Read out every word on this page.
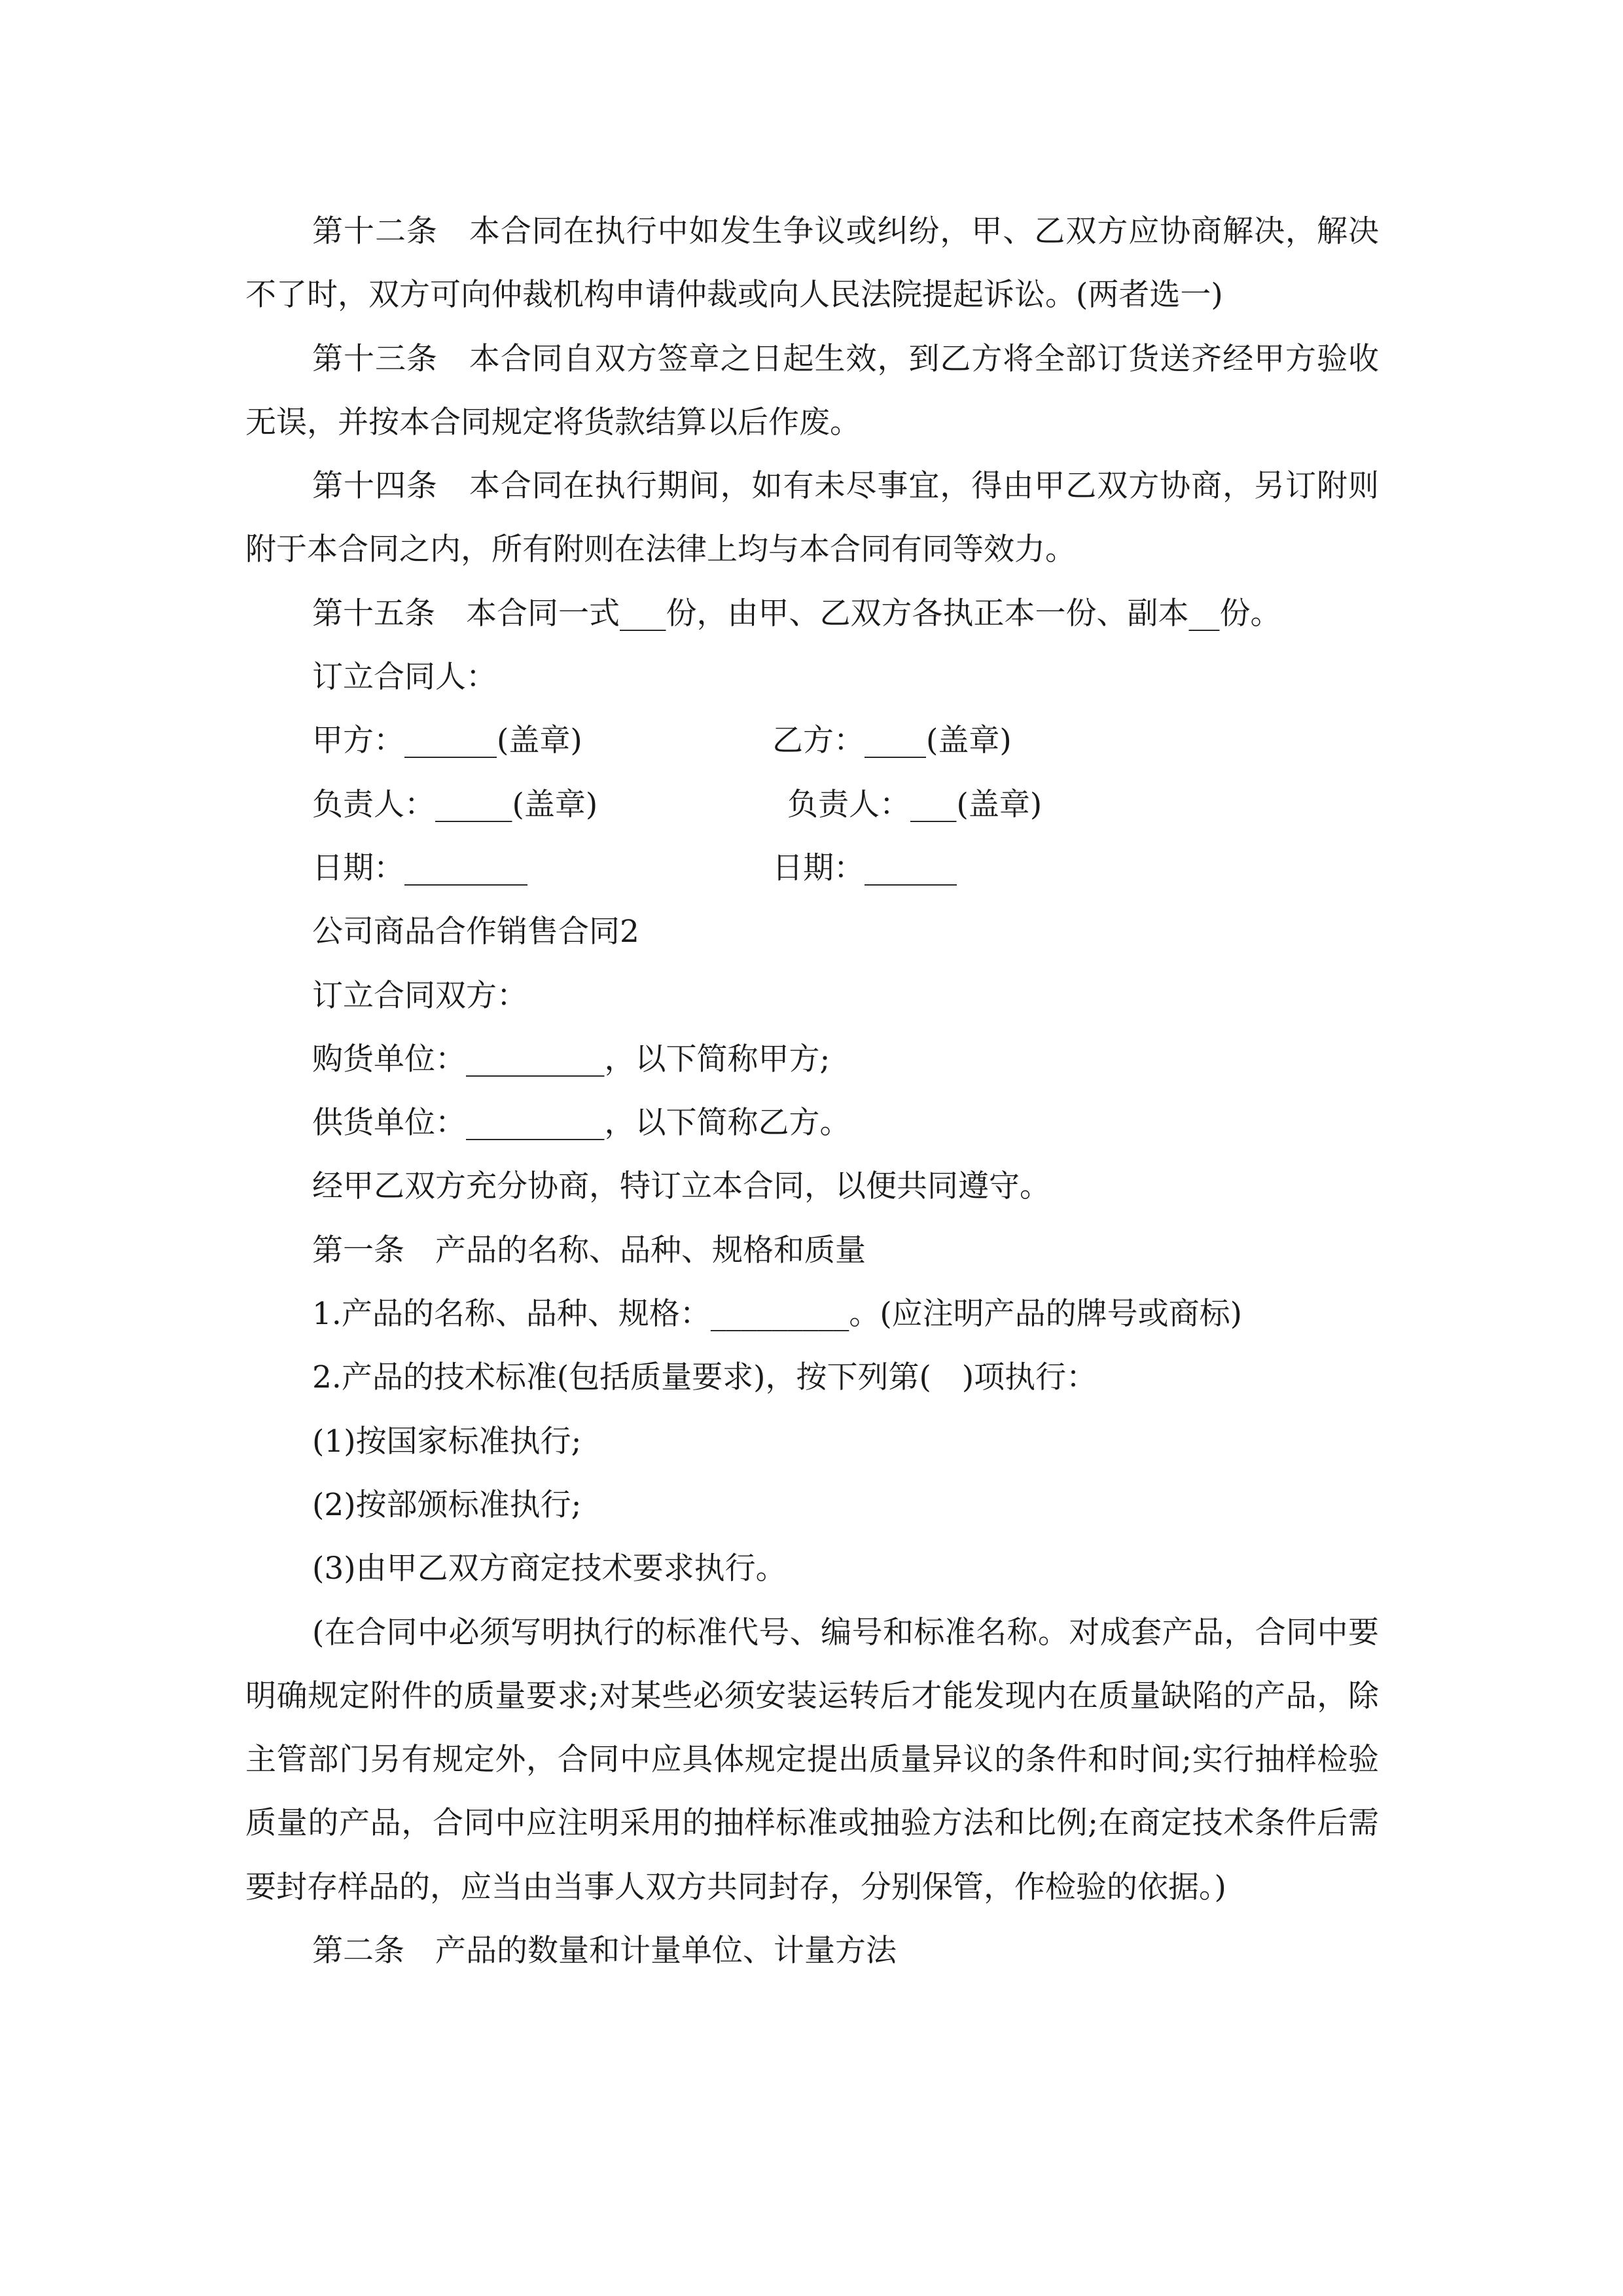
第十二条　本合同在执行中如发生争议或纠纷，甲、乙双方应协商解决，解决不了时，双方可向仲裁机构申请仲裁或向人民法院提起诉讼。(两者选一)

第十三条　本合同自双方签章之日起生效，到乙方将全部订货送齐经甲方验收无误，并按本合同规定将货款结算以后作废。

第十四条　本合同在执行期间，如有未尽事宜，得由甲乙双方协商，另订附则附于本合同之内，所有附则在法律上均与本合同有同等效力。

第十五条　本合同一式___份，由甲、乙双方各执正本一份、副本__份。

订立合同人：

甲方：______(盖章)	乙方：____(盖章)
负责人：_____(盖章)	负责人：___(盖章)
日期：________	日期：______

公司商品合作销售合同2

订立合同双方：

购货单位：_________，以下简称甲方;

供货单位：_________，以下简称乙方。

经甲乙双方充分协商，特订立本合同，以便共同遵守。

第一条　产品的名称、品种、规格和质量

1.产品的名称、品种、规格：_________。(应注明产品的牌号或商标)

2.产品的技术标准(包括质量要求)，按下列第(　)项执行：

(1)按国家标准执行;

(2)按部颁标准执行;

(3)由甲乙双方商定技术要求执行。

(在合同中必须写明执行的标准代号、编号和标准名称。对成套产品，合同中要明确规定附件的质量要求;对某些必须安装运转后才能发现内在质量缺陷的产品，除主管部门另有规定外，合同中应具体规定提出质量异议的条件和时间;实行抽样检验质量的产品，合同中应注明采用的抽样标准或抽验方法和比例;在商定技术条件后需要封存样品的，应当由当事人双方共同封存，分别保管，作检验的依据。)

第二条　产品的数量和计量单位、计量方法
